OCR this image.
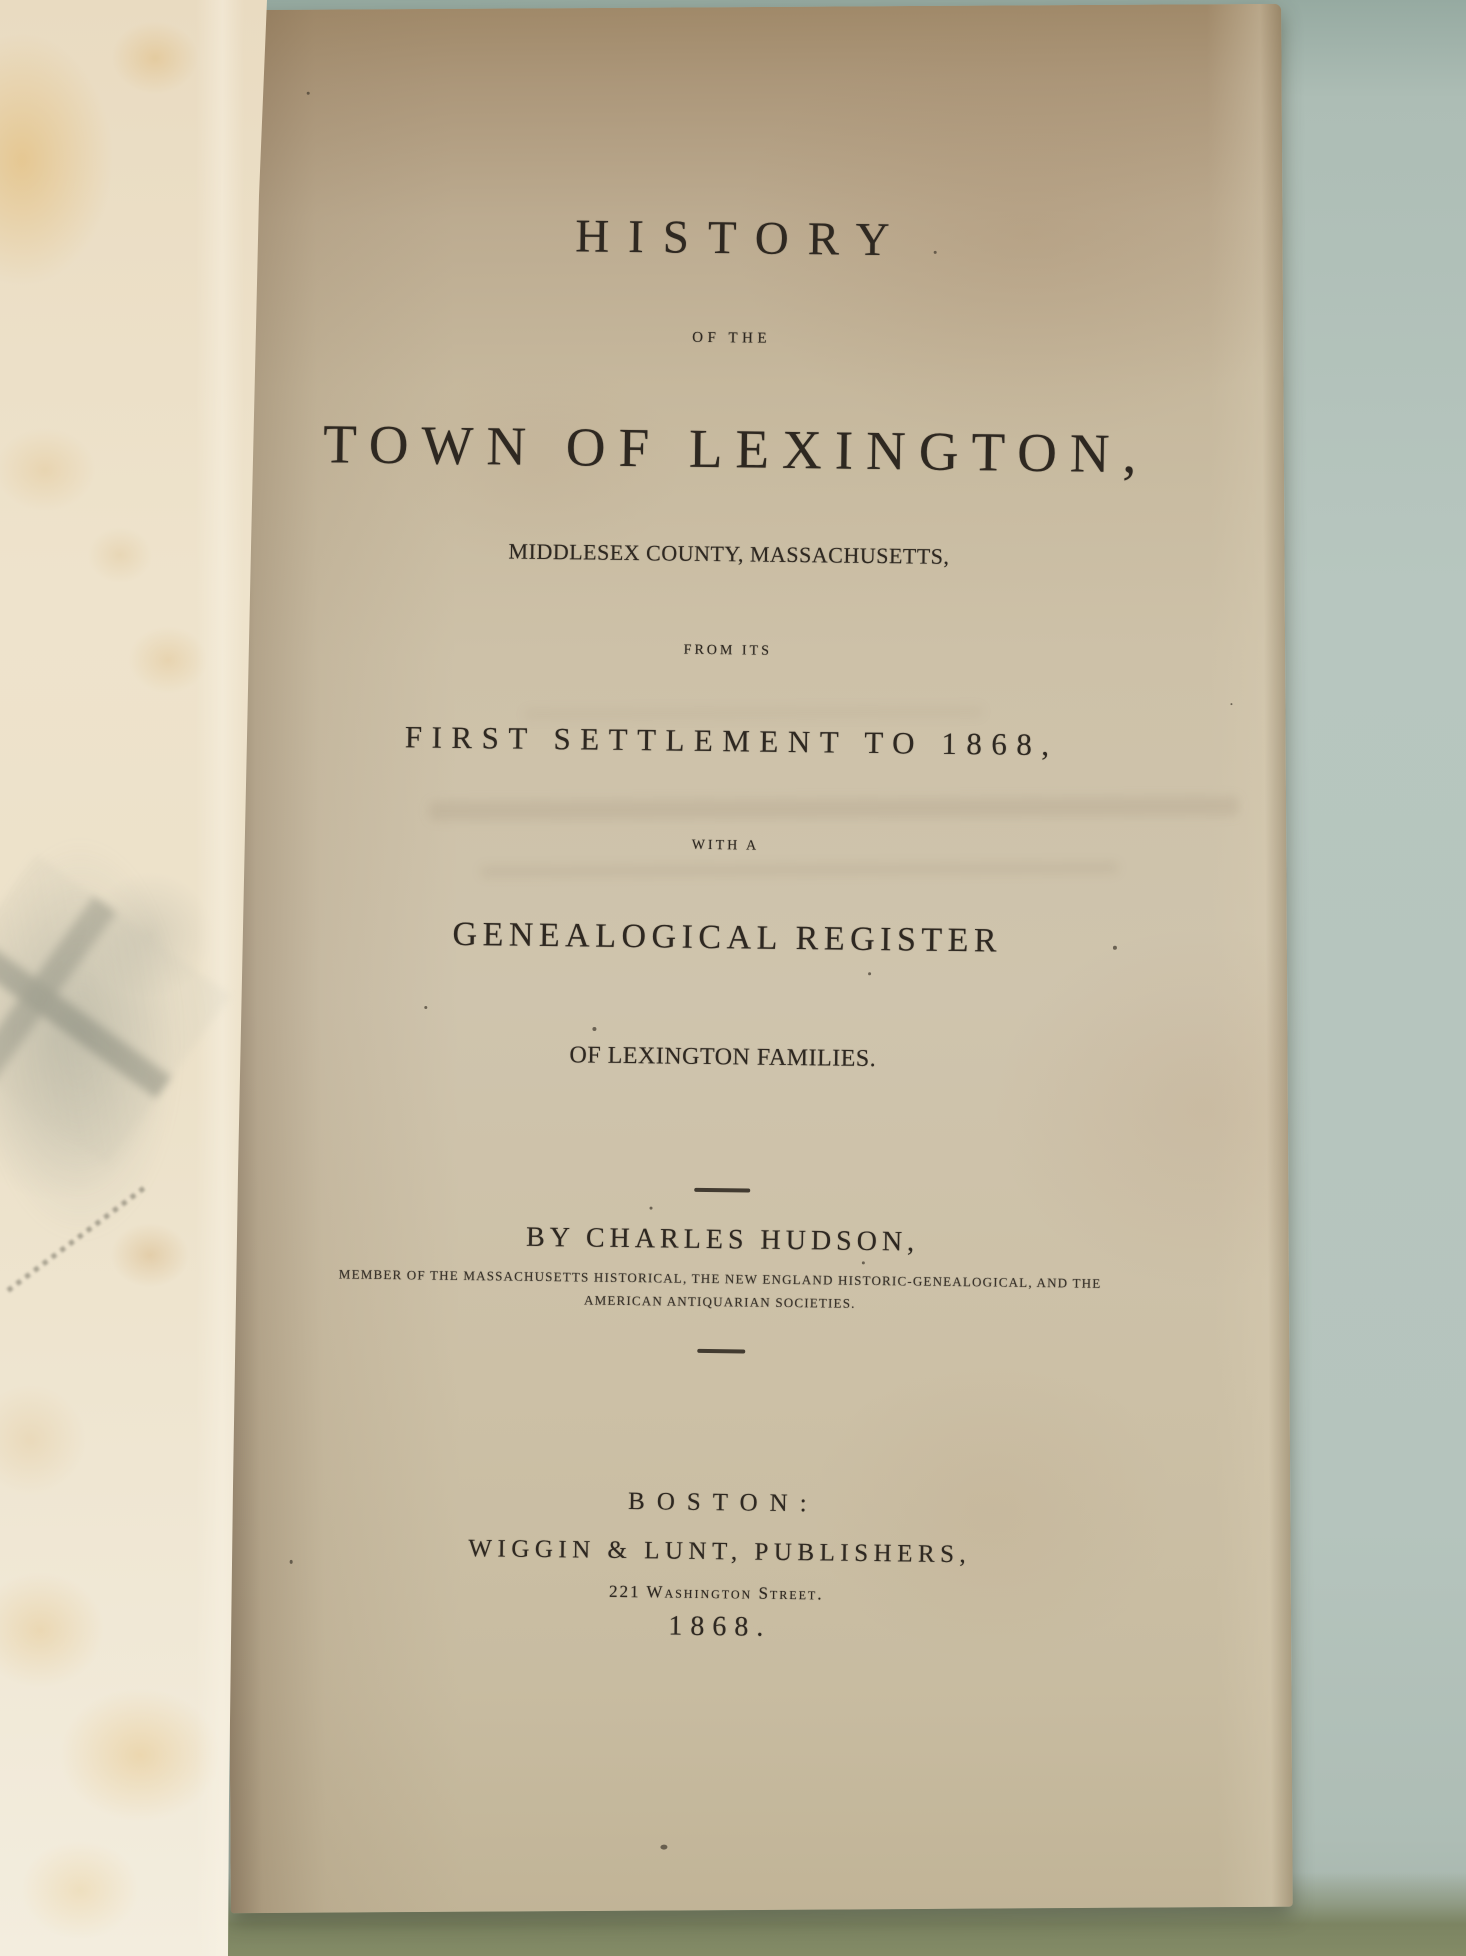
HISTORY
OF THE
TOWN OF LEXINGTON,
MIDDLESEX COUNTY, MASSACHUSETTS,
FROM ITS
FIRST SETTLEMENT TO 1868,
WITH A
GENEALOGICAL REGISTER
OF LEXINGTON FAMILIES.
BY CHARLES HUDSON,
MEMBER OF THE MASSACHUSETTS HISTORICAL, THE NEW ENGLAND HISTORIC-GENEALOGICAL, AND THE
AMERICAN ANTIQUARIAN SOCIETIES.
BOSTON:
WIGGIN & LUNT, PUBLISHERS,
221 Washington Street.
1868.
